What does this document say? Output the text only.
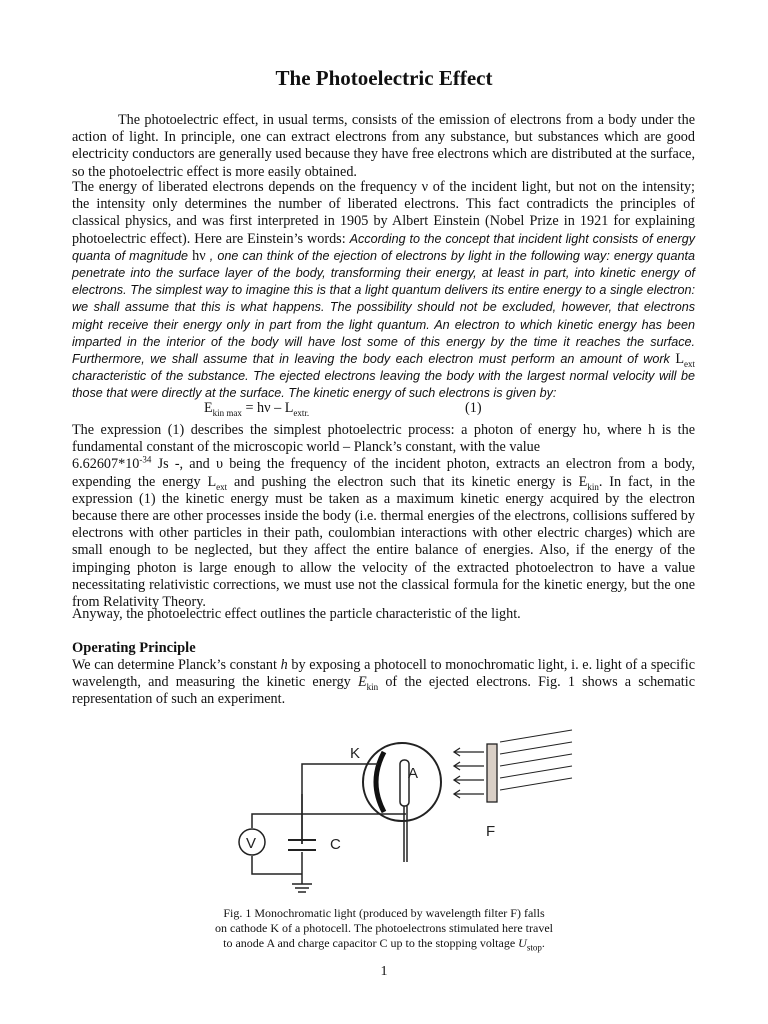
The Photoelectric Effect

The photoelectric effect, in usual terms, consists of the emission of electrons from a body under the action of light. In principle, one can extract electrons from any substance, but substances which are good electricity conductors are generally used because they have free electrons which are distributed at the surface, so the photoelectric effect is more easily obtained.

The energy of liberated electrons depends on the frequency ν of the incident light, but not on the intensity; the intensity only determines the number of liberated electrons. This fact contradicts the principles of classical physics, and was first interpreted in 1905 by Albert Einstein (Nobel Prize in 1921 for explaining photoelectric effect). Here are Einstein’s words: According to the concept that incident light consists of energy quanta of magnitude hν , one can think of the ejection of electrons by light in the following way: energy quanta penetrate into the surface layer of the body, transforming their energy, at least in part, into kinetic energy of electrons. The simplest way to imagine this is that a light quantum delivers its entire energy to a single electron: we shall assume that this is what happens. The possibility should not be excluded, however, that electrons might receive their energy only in part from the light quantum. An electron to which kinetic energy has been imparted in the interior of the body will have lost some of this energy by the time it reaches the surface. Furthermore, we shall assume that in leaving the body each electron must perform an amount of work $L_{ext}$ characteristic of the substance. The ejected electrons leaving the body with the largest normal velocity will be those that were directly at the surface. The kinetic energy of such electrons is given by:

$E_{kin max} = h\nu - L_{extr.}$	(1)

The expression (1) describes the simplest photoelectric process: a photon of energy hυ, where h is the fundamental constant of the microscopic world – Planck’s constant, with the value
$6.62607*10^{-34}$ Js -, and υ being the frequency of the incident photon, extracts an electron from a body, expending the energy $L_{ext}$ and pushing the electron such that its kinetic energy is $E_{kin}$. In fact, in the expression (1) the kinetic energy must be taken as a maximum kinetic energy acquired by the electron because there are other processes inside the body (i.e. thermal energies of the electrons, collisions suffered by electrons with other particles in their path, coulombian interactions with other electric charges) which are small enough to be neglected, but they affect the entire balance of energies. Also, if the energy of the impinging photon is large enough to allow the velocity of the extracted photoelectron to have a value necessitating relativistic corrections, we must use not the classical formula for the kinetic energy, but the one from Relativity Theory.

Anyway, the photoelectric effect outlines the particle characteristic of the light.

Operating Principle

We can determine Planck’s constant h by exposing a photocell to monochromatic light, i. e. light of a specific wavelength, and measuring the kinetic energy $E_{kin}$ of the ejected electrons. Fig. 1 shows a schematic representation of such an experiment.

K
A
F
C
V
Fig. 1 Monochromatic light (produced by wavelength filter F) falls
on cathode K of a photocell. The photoelectrons stimulated here travel
to anode A and charge capacitor C up to the stopping voltage $U_{stop}$.
1
